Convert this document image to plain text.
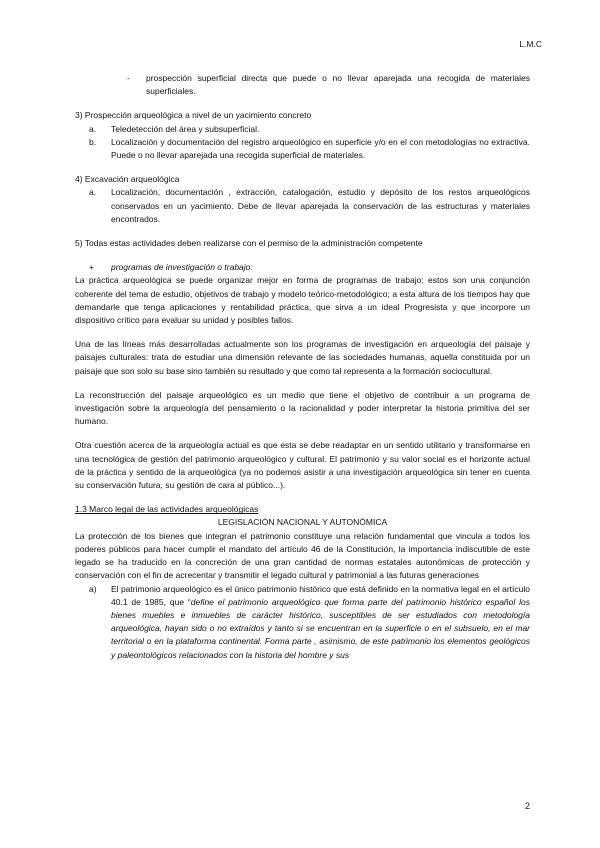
L.M.C
-	prospección superficial directa que puede o no llevar aparejada una recogida de materiales superficiales.

3) Prospección arqueológica a nivel de un yacimiento concreto

a.	Teledetección del área y subsuperficial.
b.	Localización y documentación del registro arqueológico en superficie y/o en el con metodologías no extractiva. Puede o no llevar aparejada una recogida superficial de materiales.

4) Excavación arqueológica

a.	Localización, documentación , extracción, catalogación, estudio y depósito de los restos arqueológicos conservados en un yacimiento. Debe de llevar aparejada la conservación de las estructuras y materiales encontrados.

5) Todas estas actividades deben realizarse con el permiso de la administración competente

+	programas de investigación o trabajo:

La práctica arqueológica se puede organizar mejor en forma de programas de trabajo: estos son una conjunción coherente del tema de estudio, objetivos de trabajo y modelo teórico-metodológico; a esta altura de los tiempos hay que demandarle que tenga aplicaciones y rentabilidad práctica, que sirva a un ideal Progresista y que incorpore un dispositivo crítico para evaluar su unidad y posibles fallos.

Una de las líneas más desarrolladas actualmente son los programas de investigación en arqueología del paisaje y paisajes culturales: trata de estudiar una dimensión relevante de las sociedades humanas, aquella constituida por un paisaje que son solo su base sino también su resultado y que como tal representa a la formación sociocultural.

La reconstrucción del paisaje arqueológico es un medio que tiene el objetivo de contribuir a un programa de investigación sobre la arqueología del pensamiento o la racionalidad y poder interpretar la historia primitiva del ser humano.

Otra cuestión acerca de la arqueología actual es que esta se debe readaptar en un sentido utilitario y transformarse en una tecnológica de gestión del patrimonio arqueológico y cultural. El patrimonio y su valor social es el horizonte actual de la práctica y sentido de la arqueológica (ya no podemos asistir a una investigación arqueológica sin tener en cuenta su conservación futura, su gestión de cara al público...).

1.3 Marco legal de las actividades arqueológicas

LEGISLACIÓN NACIONAL Y AUTONÓMICA

La protección de los bienes que integran el patrimonio constituye una relación fundamental que vincula a todos los poderes públicos para hacer cumplir el mandato del artículo 46 de la Constitución, la importancia indiscutible de este legado se ha traducido en la concreción de una gran cantidad de normas estatales autonómicas de protección y conservación con el fin de acrecentar y transmitir el legado cultural y patrimonial a las futuras generaciones

a)	El patrimonio arqueológico es el único patrimonio histórico que está definido en la normativa legal en el artículo 40.1 de 1985, que “define el patrimonio arqueológico que forma parte del patrimonio histórico español los bienes muebles e inmuebles de carácter histórico, susceptibles de ser estudiados con metodología arqueológica, hayan sido o no extraídos y tanto si se encuentran en la superficie o en el subsuelo, en el mar territorial o en la plataforma continental. Forma parte , asimismo, de este patrimonio los elementos geológicos y paleontológicos relacionados con la historia del hombre y sus
2
